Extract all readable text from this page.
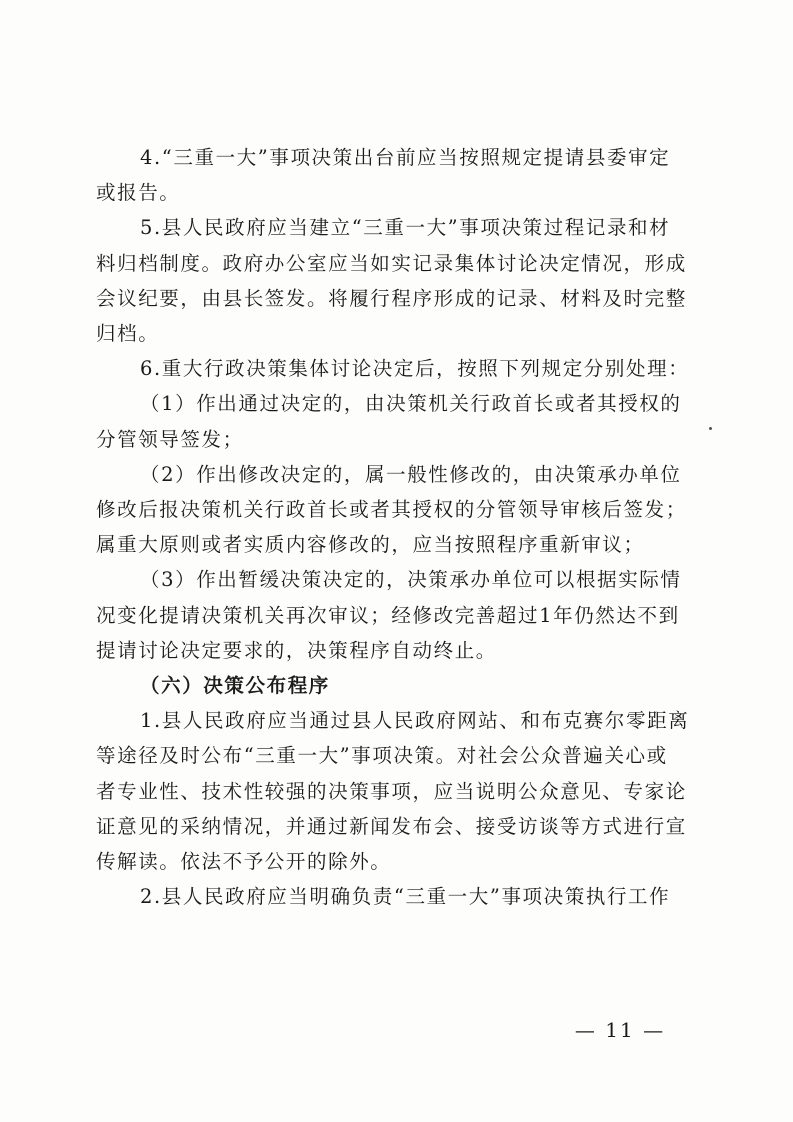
4.“三重一大”事项决策出台前应当按照规定提请县委审定
或报告。

5.县人民政府应当建立“三重一大”事项决策过程记录和材
料归档制度。政府办公室应当如实记录集体讨论决定情况，形成
会议纪要，由县长签发。将履行程序形成的记录、材料及时完整
归档。

6.重大行政决策集体讨论决定后，按照下列规定分别处理：

（1）作出通过决定的，由决策机关行政首长或者其授权的
分管领导签发；

（2）作出修改决定的，属一般性修改的，由决策承办单位
修改后报决策机关行政首长或者其授权的分管领导审核后签发；
属重大原则或者实质内容修改的，应当按照程序重新审议；

（3）作出暂缓决策决定的，决策承办单位可以根据实际情
况变化提请决策机关再次审议；经修改完善超过1年仍然达不到
提请讨论决定要求的，决策程序自动终止。

（六）决策公布程序

1.县人民政府应当通过县人民政府网站、和布克赛尔零距离
等途径及时公布“三重一大”事项决策。对社会公众普遍关心或
者专业性、技术性较强的决策事项，应当说明公众意见、专家论
证意见的采纳情况，并通过新闻发布会、接受访谈等方式进行宣
传解读。依法不予公开的除外。

2.县人民政府应当明确负责“三重一大”事项决策执行工作

— 11 —
